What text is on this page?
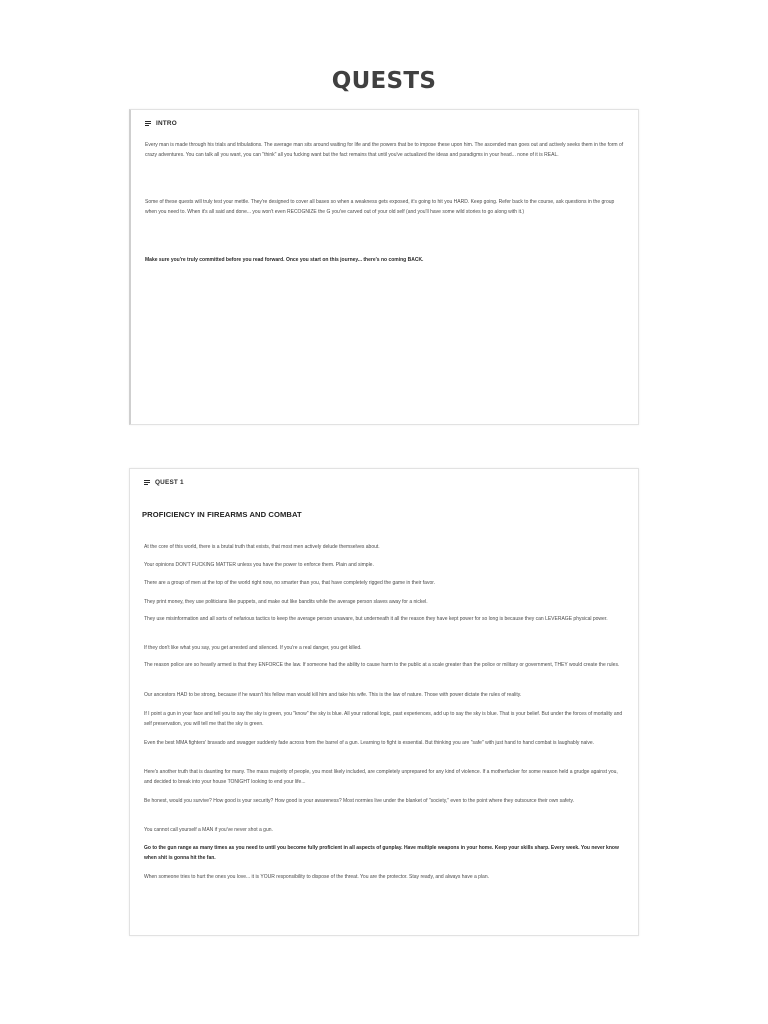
QUESTS
INTRO

Every man is made through his trials and tribulations. The average man sits around waiting for life and the powers that be to impose these upon him. The ascended man goes out and actively seeks them in the form of crazy adventures. You can talk all you want, you can "think" all you fucking want but the fact remains that until you've actualized the ideas and paradigms in your head... none of it is REAL.

Some of these quests will truly test your mettle. They're designed to cover all bases so when a weakness gets exposed, it's going to hit you HARD. Keep going. Refer back to the course, ask questions in the group when you need to. When it's all said and done... you won't even RECOGNIZE the G you've carved out of your old self (and you'll have some wild stories to go along with it.)

Make sure you're truly committed before you read forward. Once you start on this journey... there's no coming BACK.

QUEST 1
PROFICIENCY IN FIREARMS AND COMBAT

At the core of this world, there is a brutal truth that exists, that most men actively delude themselves about.

Your opinions DON'T FUCKING MATTER unless you have the power to enforce them. Plain and simple.

There are a group of men at the top of the world right now, no smarter than you, that have completely rigged the game in their favor.

They print money, they use politicians like puppets, and make out like bandits while the average person slaves away for a nickel.

They use misinformation and all sorts of nefarious tactics to keep the average person unaware, but underneath it all the reason they have kept power for so long is because they can LEVERAGE physical power.

If they don't like what you say, you get arrested and silenced. If you're a real danger, you get killed.

The reason police are so heavily armed is that they ENFORCE the law. If someone had the ability to cause harm to the public at a scale greater than the police or military or government, THEY would create the rules.

Our ancestors HAD to be strong, because if he wasn't his fellow man would kill him and take his wife. This is the law of nature. Those with power dictate the rules of reality.

If I point a gun in your face and tell you to say the sky is green, you "know" the sky is blue. All your rational logic, past experiences, add up to say the sky is blue. That is your belief. But under the forces of mortality and self preservation, you will tell me that the sky is green.

Even the best MMA fighters' bravado and swagger suddenly fade across from the barrel of a gun. Learning to fight is essential. But thinking you are "safe" with just hand to hand combat is laughably naive.

Here's another truth that is daunting for many. The mass majority of people, you most likely included, are completely unprepared for any kind of violence. If a motherfucker for some reason held a grudge against you, and decided to break into your house TONIGHT looking to end your life...

Be honest, would you survive? How good is your security? How good is your awareness? Most normies live under the blanket of "society," even to the point where they outsource their own safety.

You cannot call yourself a MAN if you've never shot a gun.

Go to the gun range as many times as you need to until you become fully proficient in all aspects of gunplay. Have multiple weapons in your home. Keep your skills sharp. Every week. You never know when shit is gonna hit the fan.

When someone tries to hurt the ones you love... it is YOUR responsibility to dispose of the threat. You are the protector. Stay ready, and always have a plan.
